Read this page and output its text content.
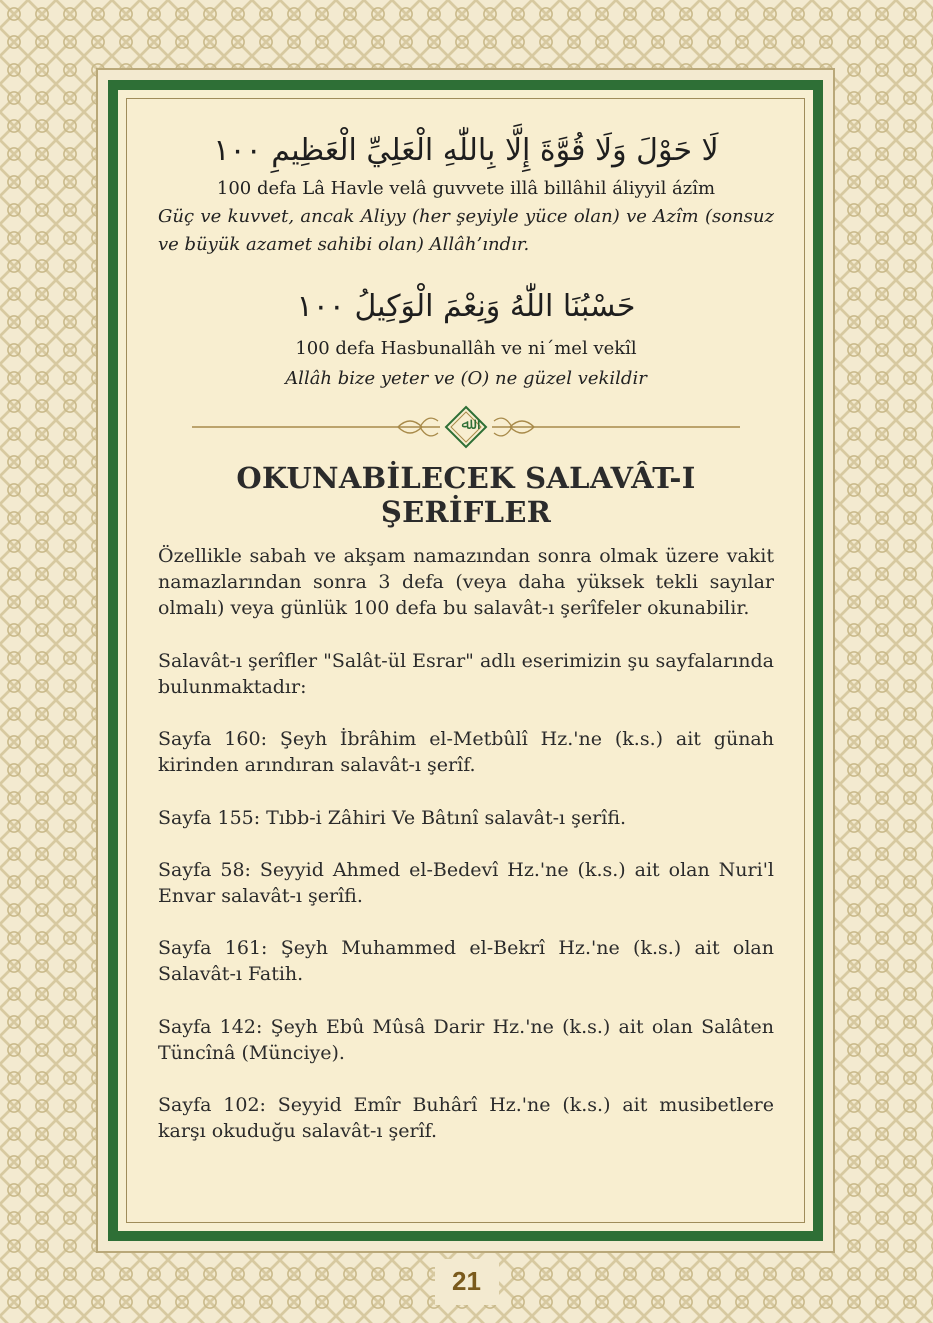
لَا حَوْلَ وَلَا قُوَّةَ إِلَّا بِاللّٰهِ الْعَلِيِّ الْعَظِيمِ ١٠٠
100 defa Lâ Havle velâ guvvete illâ billâhil áliyyil ázîm
Güç ve kuvvet, ancak Aliyy (her şeyiyle yüce olan) ve Azîm (sonsuz ve büyük azamet sahibi olan) Allâh’ındır.
حَسْبُنَا اللّٰهُ وَنِعْمَ الْوَكِيلُ ١٠٠
100 defa Hasbunallâh ve ni´mel vekîl
Allâh bize yeter ve (O) ne güzel vekildir
ﷲ
OKUNABİLECEK SALAVÂT-I ŞERİFLER

Özellikle sabah ve akşam namazından sonra olmak üzere vakit namazlarından sonra 3 defa (veya daha yüksek tekli sayılar olmalı) veya günlük 100 defa bu salavât-ı şerîfeler okunabilir.

Salavât-ı şerîfler "Salât-ül Esrar" adlı eserimizin şu sayfalarında bulunmaktadır:

Sayfa 160: Şeyh İbrâhim el-Metbûlî Hz.'ne (k.s.) ait günah kirinden arındıran salavât-ı şerîf.

Sayfa 155: Tıbb-i Zâhiri Ve Bâtınî salavât-ı şerîfi.

Sayfa 58: Seyyid Ahmed el-Bedevî Hz.'ne (k.s.) ait olan Nuri'l Envar salavât-ı şerîfi.

Sayfa 161: Şeyh Muhammed el-Bekrî Hz.'ne (k.s.) ait olan Salavât-ı Fatih.

Sayfa 142: Şeyh Ebû Mûsâ Darir Hz.'ne (k.s.) ait olan Salâten Tüncînâ (Münciye).

Sayfa 102: Seyyid Emîr Buhârî Hz.'ne (k.s.) ait musibetlere karşı okuduğu salavât-ı şerîf.

21
